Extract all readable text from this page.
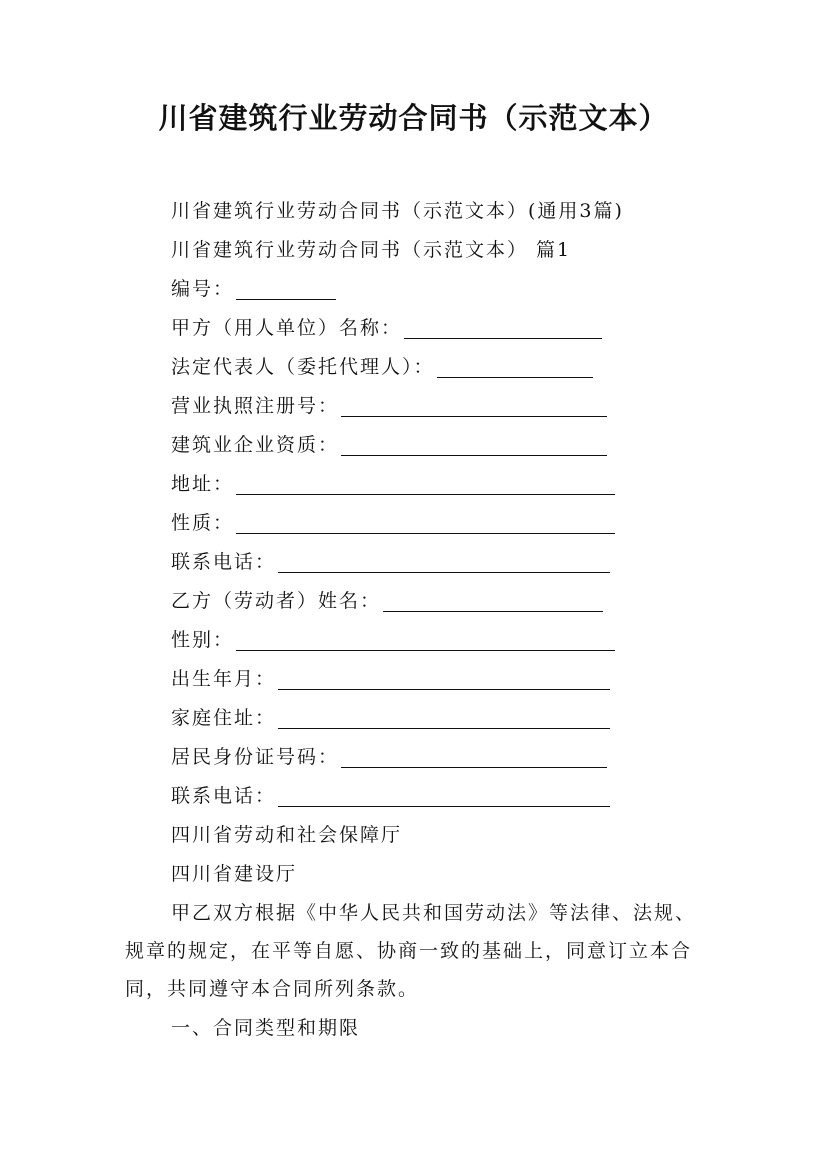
川省建筑行业劳动合同书（示范文本）
川省建筑行业劳动合同书（示范文本）(通用3篇)
川省建筑行业劳动合同书（示范文本） 篇1
编号：
甲方（用人单位）名称：
法定代表人（委托代理人）：
营业执照注册号：
建筑业企业资质：
地址：
性质：
联系电话：
乙方（劳动者）姓名：
性别：
出生年月：
家庭住址：
居民身份证号码：
联系电话：
四川省劳动和社会保障厅
四川省建设厅
甲乙双方根据《中华人民共和国劳动法》等法律、法规、规章的规定，在平等自愿、协商一致的基础上，同意订立本合同，共同遵守本合同所列条款。
一、合同类型和期限
